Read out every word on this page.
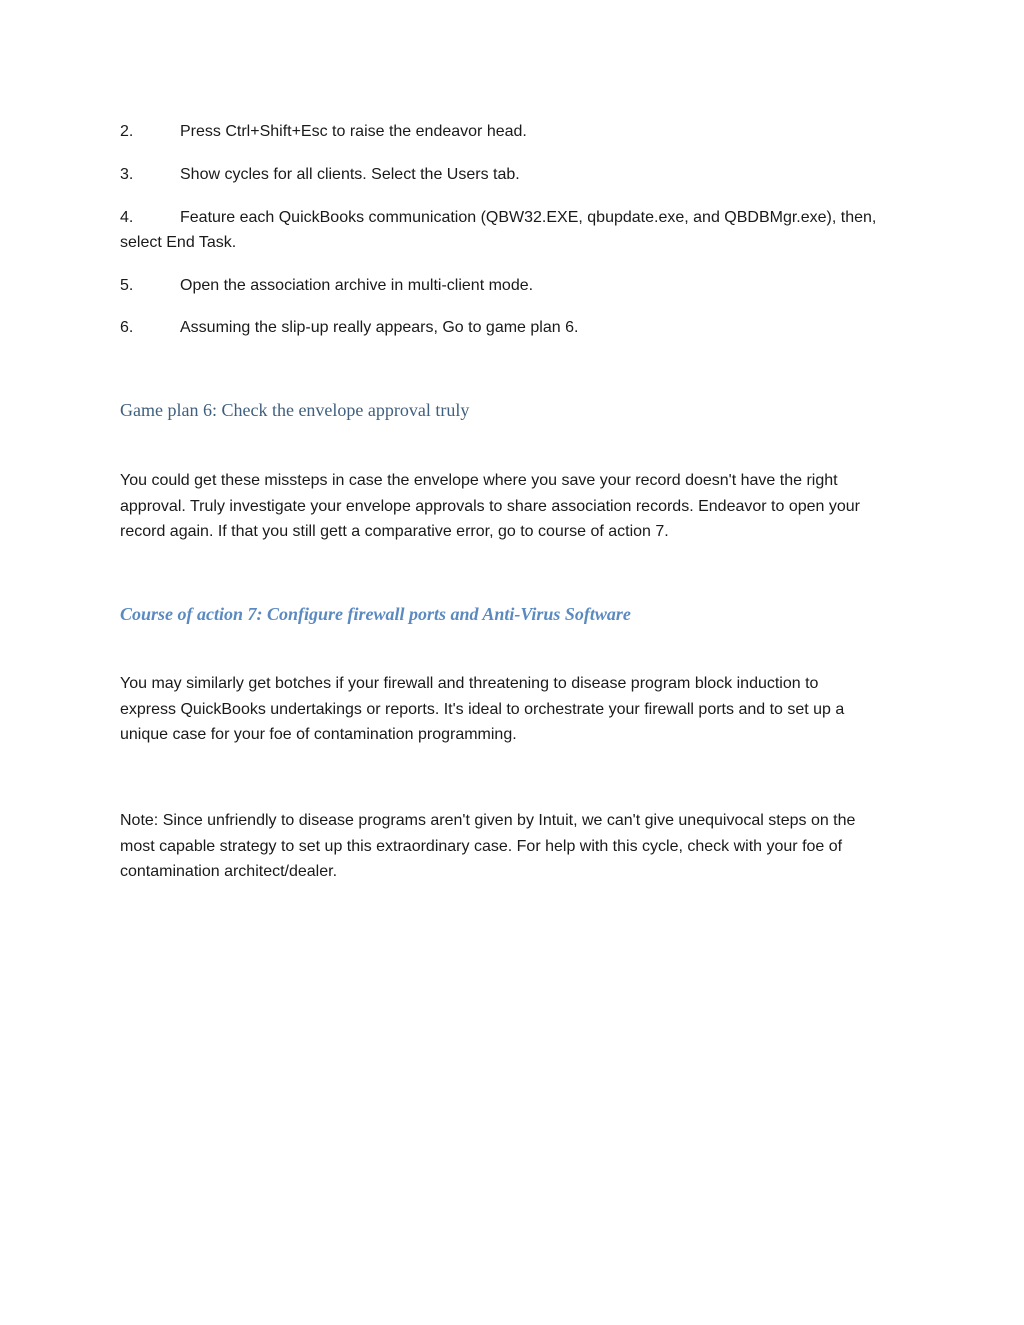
2.	Press Ctrl+Shift+Esc to raise the endeavor head.
3.	Show cycles for all clients. Select the Users tab.
4.	Feature each QuickBooks communication (QBW32.EXE, qbupdate.exe, and QBDBMgr.exe), then,
select End Task.
5.	Open the association archive in multi-client mode.
6.	Assuming the slip-up really appears, Go to game plan 6.
Game plan 6: Check the envelope approval truly

You could get these missteps in case the envelope where you save your record doesn't have the right
approval. Truly investigate your envelope approvals to share association records. Endeavor to open your
record again. If that you still gett a comparative error, go to course of action 7.

Course of action 7: Configure firewall ports and Anti-Virus Software

You may similarly get botches if your firewall and threatening to disease program block induction to
express QuickBooks undertakings or reports. It's ideal to orchestrate your firewall ports and to set up a
unique case for your foe of contamination programming.

Note: Since unfriendly to disease programs aren't given by Intuit, we can't give unequivocal steps on the
most capable strategy to set up this extraordinary case. For help with this cycle, check with your foe of
contamination architect/dealer.
